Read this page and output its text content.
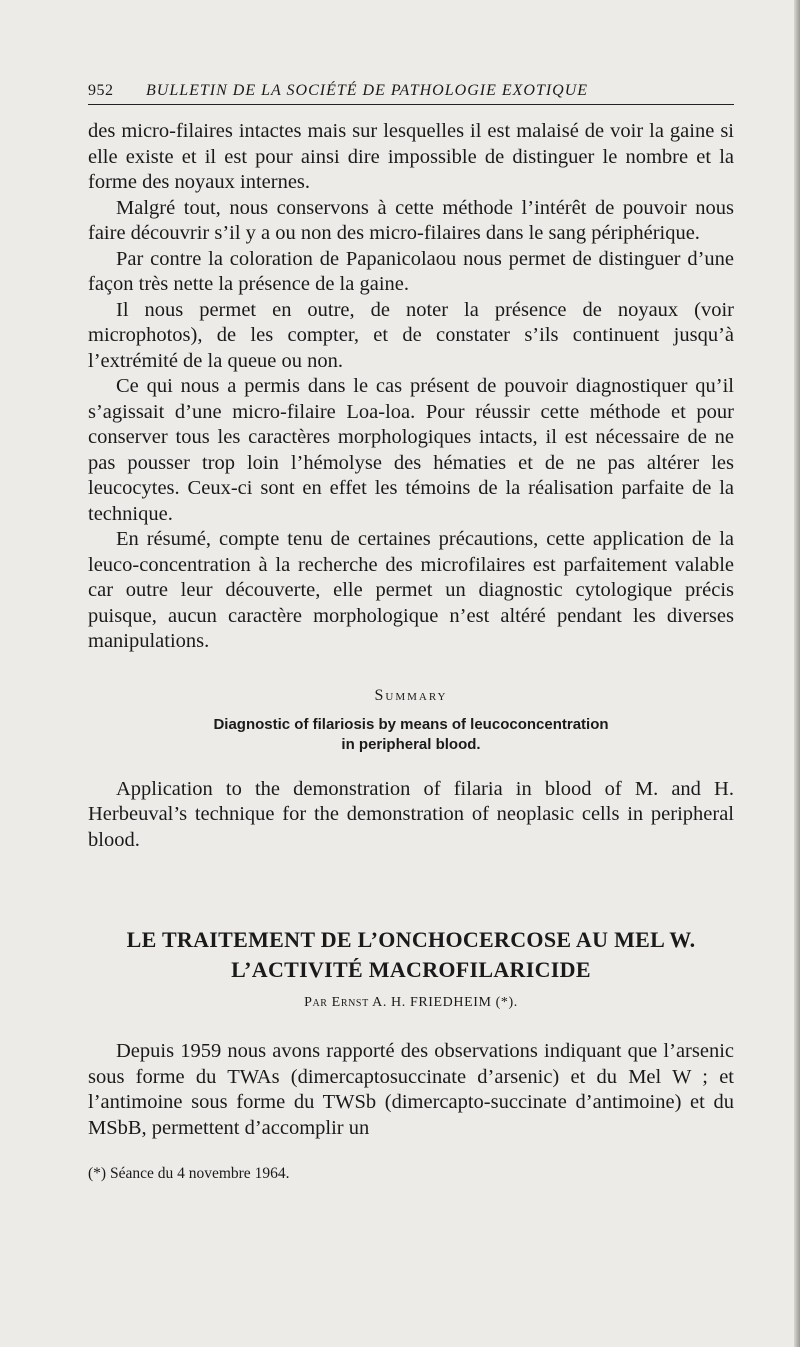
952	BULLETIN DE LA SOCIÉTÉ DE PATHOLOGIE EXOTIQUE

des micro-filaires intactes mais sur lesquelles il est malaisé de voir la gaine si elle existe et il est pour ainsi dire impossible de distinguer le nombre et la forme des noyaux internes.

Malgré tout, nous conservons à cette méthode l’intérêt de pouvoir nous faire découvrir s’il y a ou non des micro-filaires dans le sang périphérique.

Par contre la coloration de Papanicolaou nous permet de distinguer d’une façon très nette la présence de la gaine.

Il nous permet en outre, de noter la présence de noyaux (voir microphotos), de les compter, et de constater s’ils continuent jusqu’à l’extrémité de la queue ou non.

Ce qui nous a permis dans le cas présent de pouvoir diagnostiquer qu’il s’agissait d’une micro-filaire Loa-loa. Pour réussir cette méthode et pour conserver tous les caractères morphologiques intacts, il est nécessaire de ne pas pousser trop loin l’hémolyse des hématies et de ne pas altérer les leucocytes. Ceux-ci sont en effet les témoins de la réalisation parfaite de la technique.

En résumé, compte tenu de certaines précautions, cette application de la leuco-concentration à la recherche des microfilaires est parfaitement valable car outre leur découverte, elle permet un diagnostic cytologique précis puisque, aucun caractère morphologique n’est altéré pendant les diverses manipulations.

Summary
Diagnostic of filariosis by means of leucoconcentration
in peripheral blood.

Application to the demonstration of filaria in blood of M. and H. Herbeuval’s technique for the demonstration of neoplasic cells in peripheral blood.

LE TRAITEMENT DE L’ONCHOCERCOSE AU MEL W.
L’ACTIVITÉ MACROFILARICIDE
Par Ernst A. H. FRIEDHEIM (*).

Depuis 1959 nous avons rapporté des observations indiquant que l’arsenic sous forme du TWAs (dimercaptosuccinate d’arsenic) et du Mel W ; et l’antimoine sous forme du TWSb (dimercapto-succinate d’antimoine) et du MSbB, permettent d’accomplir un

(*) Séance du 4 novembre 1964.
